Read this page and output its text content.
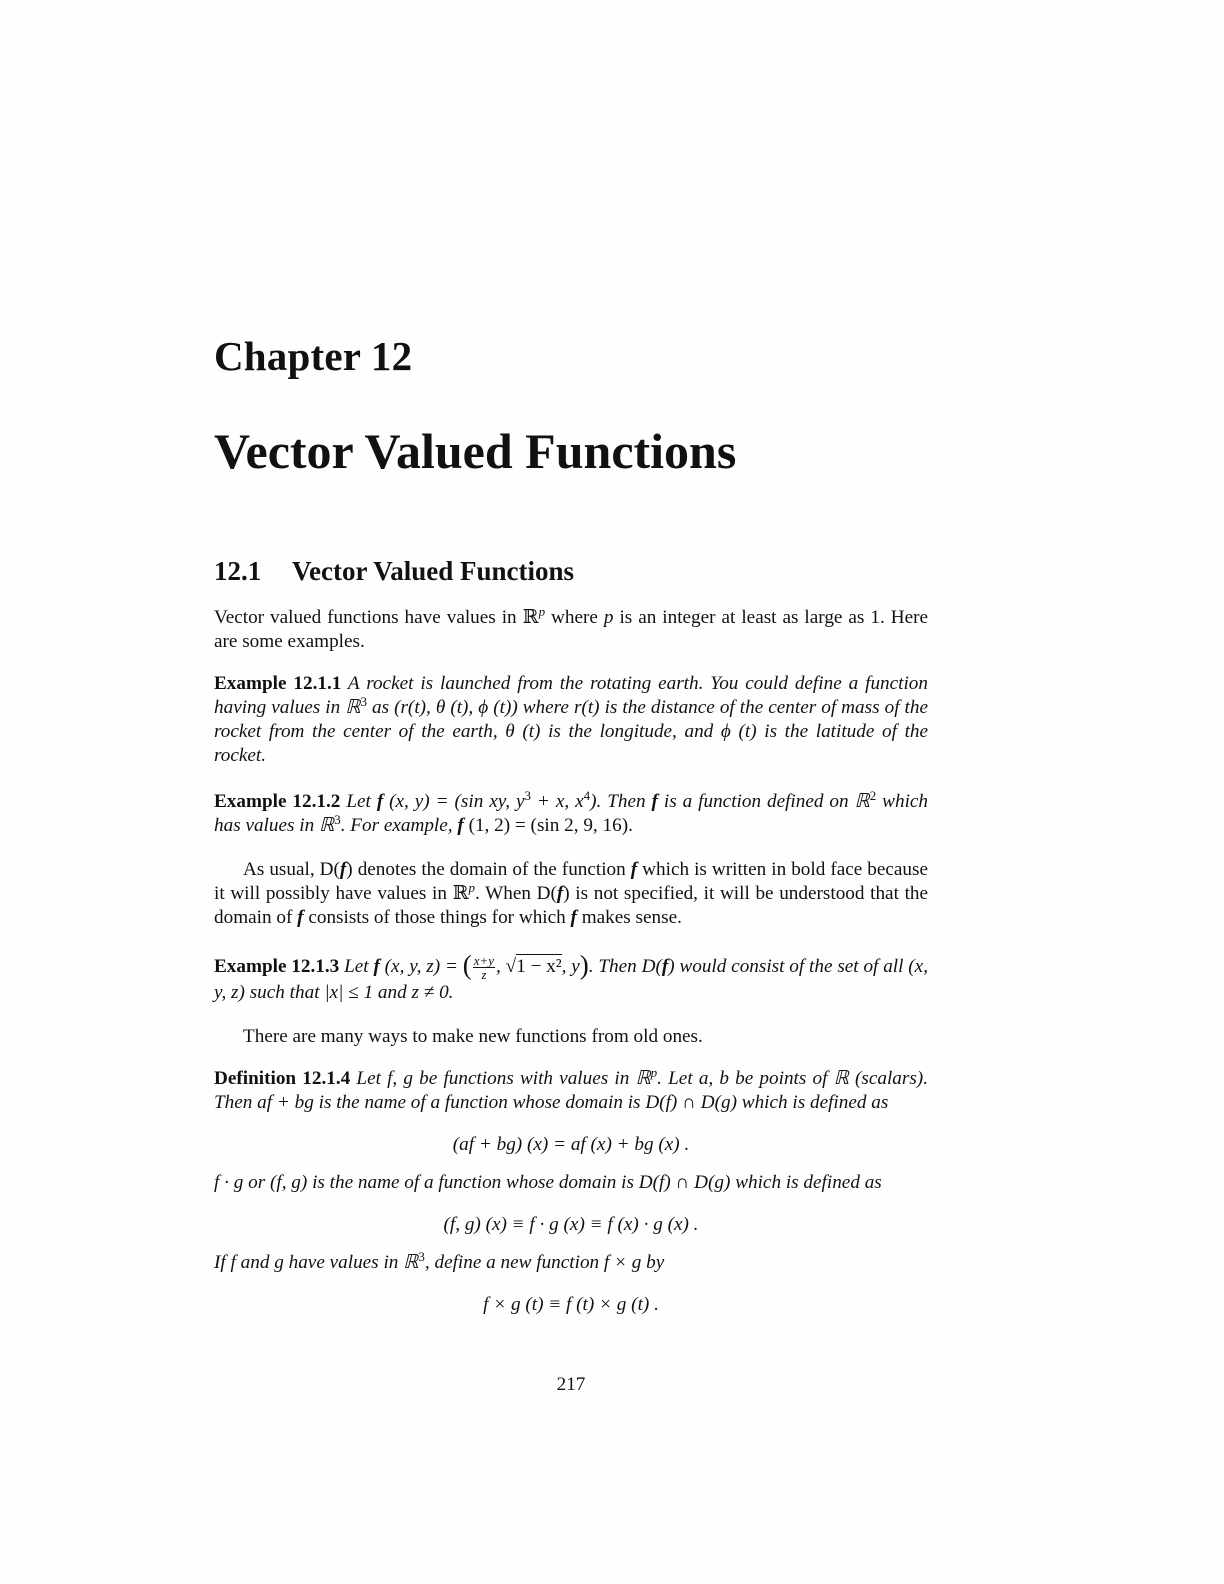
Chapter 12
Vector Valued Functions
12.1 Vector Valued Functions

Vector valued functions have values in ℝ$^p$ where p is an integer at least as large as 1. Here are some examples.

Example 12.1.1 A rocket is launched from the rotating earth. You could define a function having values in ℝ$^3$ as (r(t), θ (t), ϕ (t)) where r(t) is the distance of the center of mass of the rocket from the center of the earth, θ (t) is the longitude, and ϕ (t) is the latitude of the rocket.

Example 12.1.2 Let f (x, y) = (sin xy, $y^3 + x$, $x^4$). Then f is a function defined on ℝ$^2$ which has values in ℝ$^3$. For example, f (1, 2) = (sin 2, 9, 16).

As usual, D(f) denotes the domain of the function f which is written in bold face because it will possibly have values in ℝ$^p$. When D(f) is not specified, it will be understood that the domain of f consists of those things for which f makes sense.

Example 12.1.3 Let f (x, y, z) = ( $\frac{x+y}{z}$ , √1 − x², y). Then D(f) would consist of the set of all (x, y, z) such that |x| ≤ 1 and z ≠ 0.

There are many ways to make new functions from old ones.

Definition 12.1.4 Let f, g be functions with values in ℝ$^p$. Let a, b be points of ℝ (scalars). Then af + bg is the name of a function whose domain is D(f) ∩ D(g) which is defined as

(af + bg) (x) = af (x) + bg (x) .

f · g or (f, g) is the name of a function whose domain is D(f) ∩ D(g) which is defined as

(f, g) (x) ≡ f · g (x) ≡ f (x) · g (x) .

If f and g have values in ℝ$^3$, define a new function f × g by

f × g (t) ≡ f (t) × g (t) .
217
